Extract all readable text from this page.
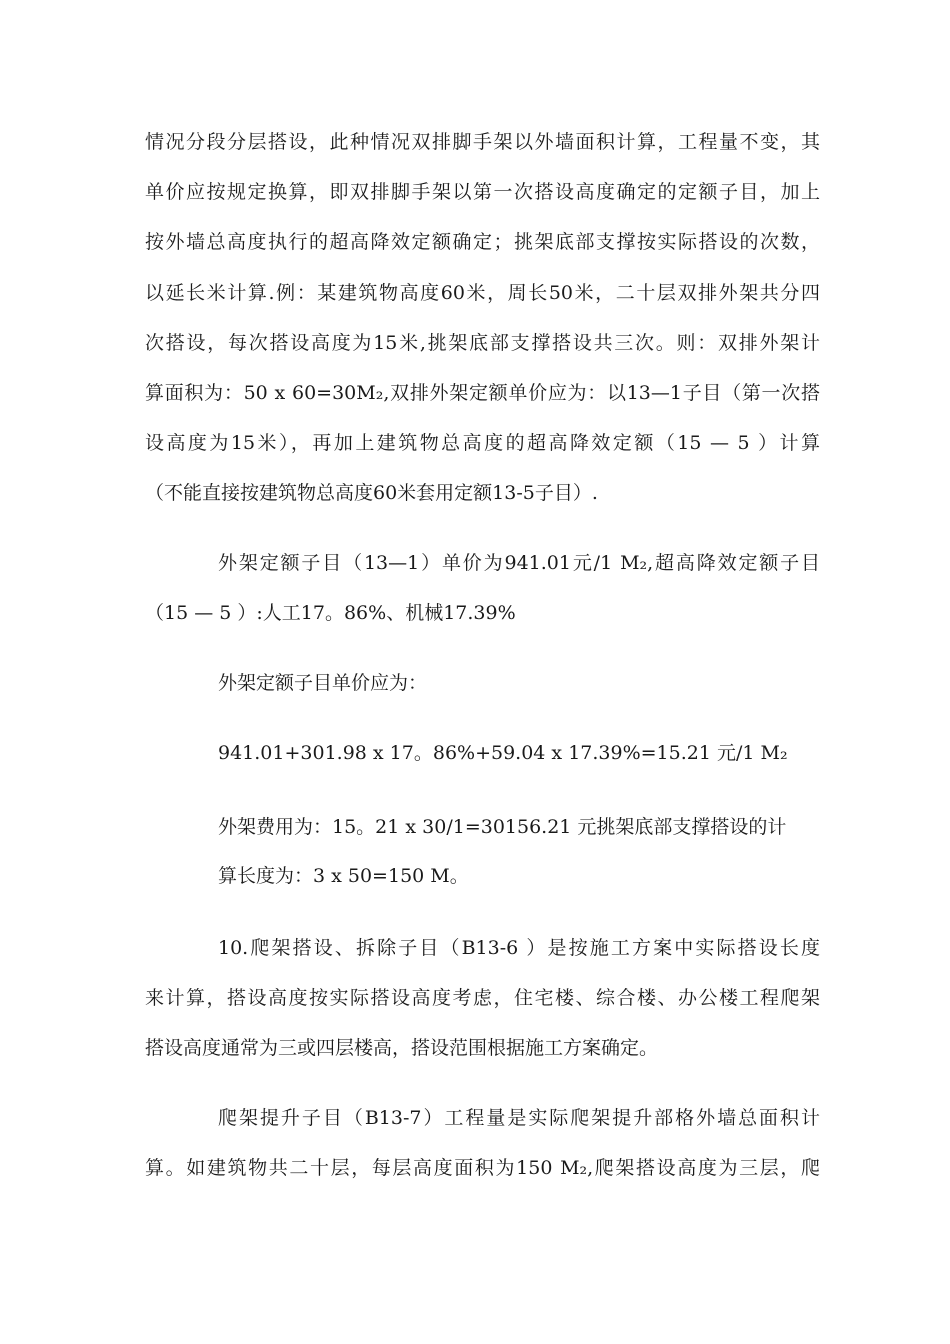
情况分段分层搭设，此种情况双排脚手架以外墙面积计算，工程量不变，其
单价应按规定换算，即双排脚手架以第一次搭设高度确定的定额子目，加上
按外墙总高度执行的超高降效定额确定；挑架底部支撑按实际搭设的次数，
以延长米计算.例：某建筑物高度60米，周长50米，二十层双排外架共分四
次搭设，每次搭设高度为15米,挑架底部支撑搭设共三次。则：双排外架计
算面积为：50 x 60=30M₂,双排外架定额单价应为：以13—1子目（第一次搭
设高度为15米），再加上建筑物总高度的超高降效定额（15 — 5 ）计算
（不能直接按建筑物总高度60米套用定额13-5子目）.
外架定额子目（13—1）单价为941.01元/1 M₂,超高降效定额子目
（15 — 5 ）:人工17。86%、机械17.39%
外架定额子目单价应为：
941.01+301.98 x 17。86%+59.04 x 17.39%=15.21 元/1 M₂
外架费用为：15。21 x 30/1=30156.21 元挑架底部支撑搭设的计
算长度为：3 x 50=150 M。
10.爬架搭设、拆除子目（B13-6 ）是按施工方案中实际搭设长度
来计算，搭设高度按实际搭设高度考虑，住宅楼、综合楼、办公楼工程爬架
搭设高度通常为三或四层楼高，搭设范围根据施工方案确定。
爬架提升子目（B13-7）工程量是实际爬架提升部格外墙总面积计
算。如建筑物共二十层，每层高度面积为150 M₂,爬架搭设高度为三层，爬
